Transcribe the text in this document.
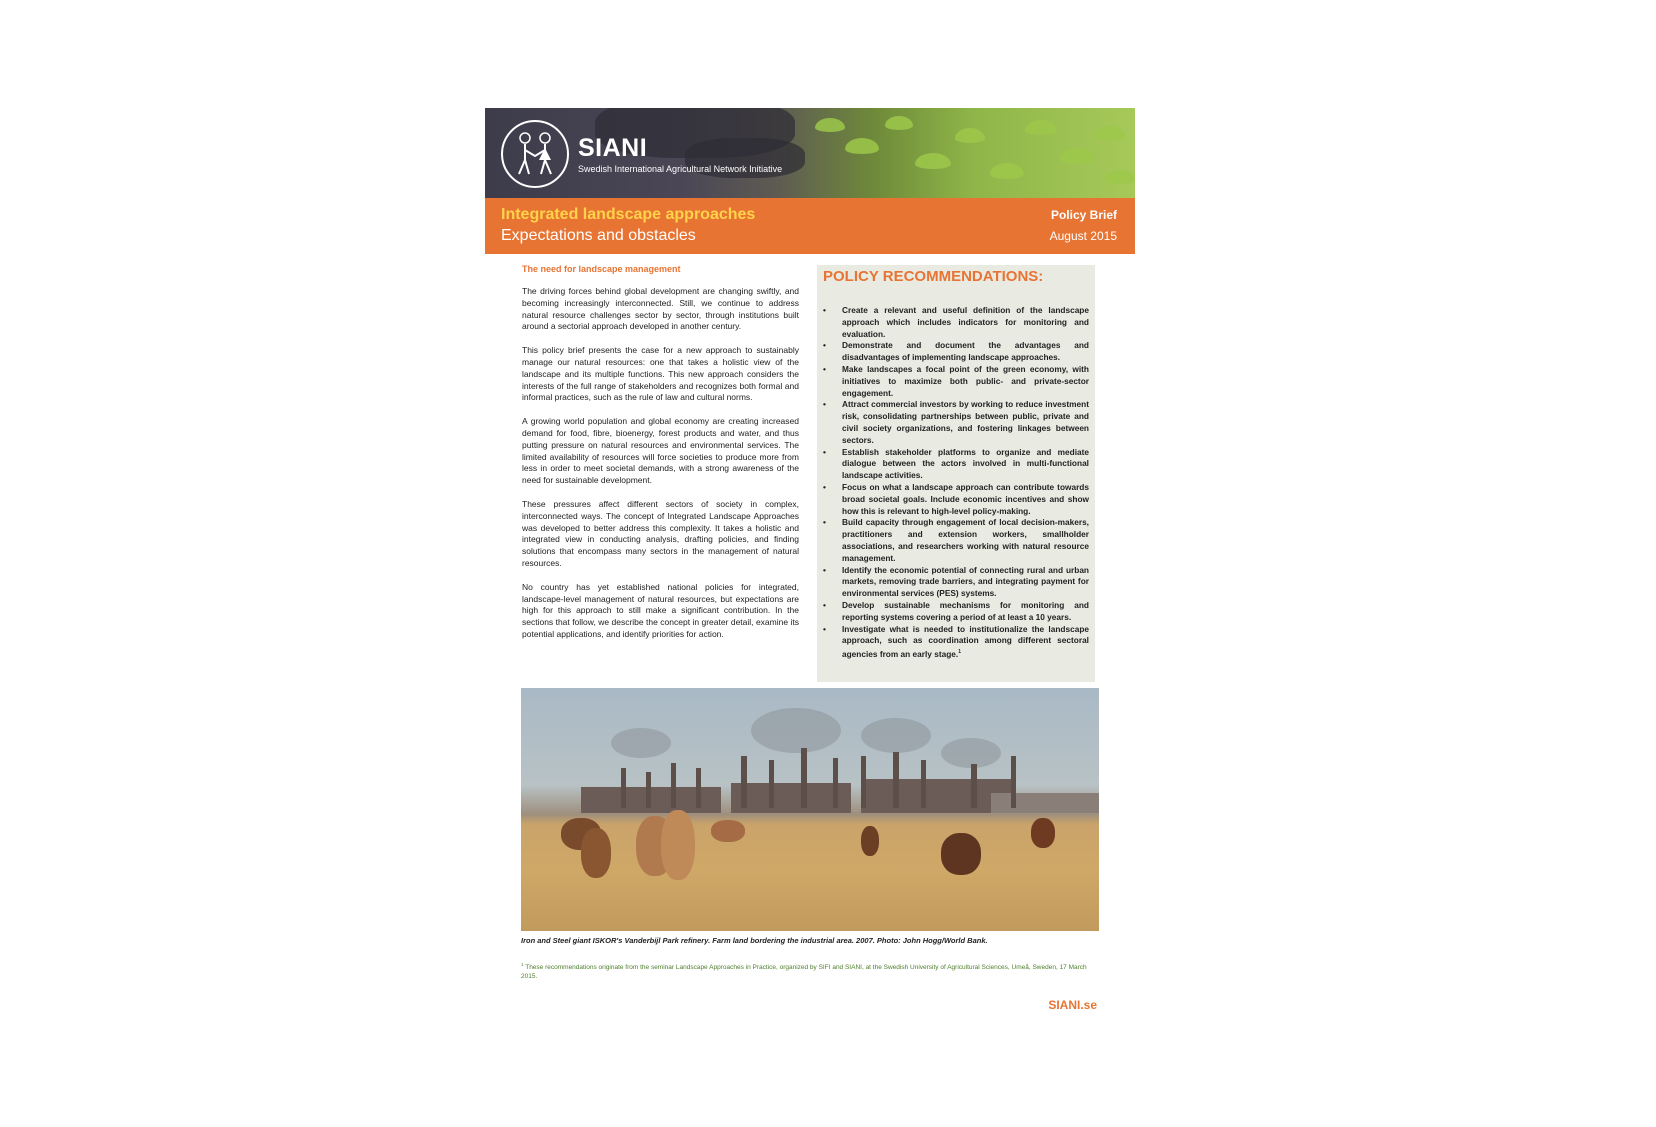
SIANI
Swedish International Agricultural Network Initiative
Integrated landscape approaches
Expectations and obstacles
Policy Brief
August 2015
The need for landscape management

The driving forces behind global development are changing swiftly, and becoming increasingly interconnected. Still, we continue to address natural resource challenges sector by sector, through institutions built around a sectorial approach developed in another century.

This policy brief presents the case for a new approach to sustainably manage our natural resources: one that takes a holistic view of the landscape and its multiple functions. This new approach considers the interests of the full range of stakeholders and recognizes both formal and informal practices, such as the rule of law and cultural norms.

A growing world population and global economy are creating increased demand for food, fibre, bioenergy, forest products and water, and thus putting pressure on natural resources and environmental services. The limited availability of resources will force societies to produce more from less in order to meet societal demands, with a strong awareness of the need for sustainable development.

These pressures affect different sectors of society in complex, interconnected ways. The concept of Integrated Landscape Approaches was developed to better address this complexity. It takes a holistic and integrated view in conducting analysis, drafting policies, and finding solutions that encompass many sectors in the management of natural resources.

No country has yet established national policies for integrated, landscape-level management of natural resources, but expectations are high for this approach to still make a significant contribution. In the sections that follow, we describe the concept in greater detail, examine its potential applications, and identify priorities for action.

POLICY RECOMMENDATIONS:
• Create a relevant and useful definition of the landscape approach which includes indicators for monitoring and evaluation.
• Demonstrate and document the advantages and disadvantages of implementing landscape approaches.
• Make landscapes a focal point of the green economy, with initiatives to maximize both public- and private-sector engagement.
• Attract commercial investors by working to reduce investment risk, consolidating partnerships between public, private and civil society organizations, and fostering linkages between sectors.
• Establish stakeholder platforms to organize and mediate dialogue between the actors involved in multi-functional landscape activities.
• Focus on what a landscape approach can contribute towards broad societal goals. Include economic incentives and show how this is relevant to high-level policy-making.
• Build capacity through engagement of local decision-makers, practitioners and extension workers, smallholder associations, and researchers working with natural resource management.
• Identify the economic potential of connecting rural and urban markets, removing trade barriers, and integrating payment for environmental services (PES) systems.
• Develop sustainable mechanisms for monitoring and reporting systems covering a period of at least a 10 years.
• Investigate what is needed to institutionalize the landscape approach, such as coordination among different sectoral agencies from an early stage.$^1$
Iron and Steel giant ISKOR's Vanderbijl Park refinery. Farm land bordering the industrial area. 2007. Photo: John Hogg/World Bank.
$^1$ These recommendations originate from the seminar Landscape Approaches in Practice, organized by SIFI and SIANI, at the Swedish University of Agricultural Sciences, Umeå, Sweden, 17 March 2015.
SIANI.se
